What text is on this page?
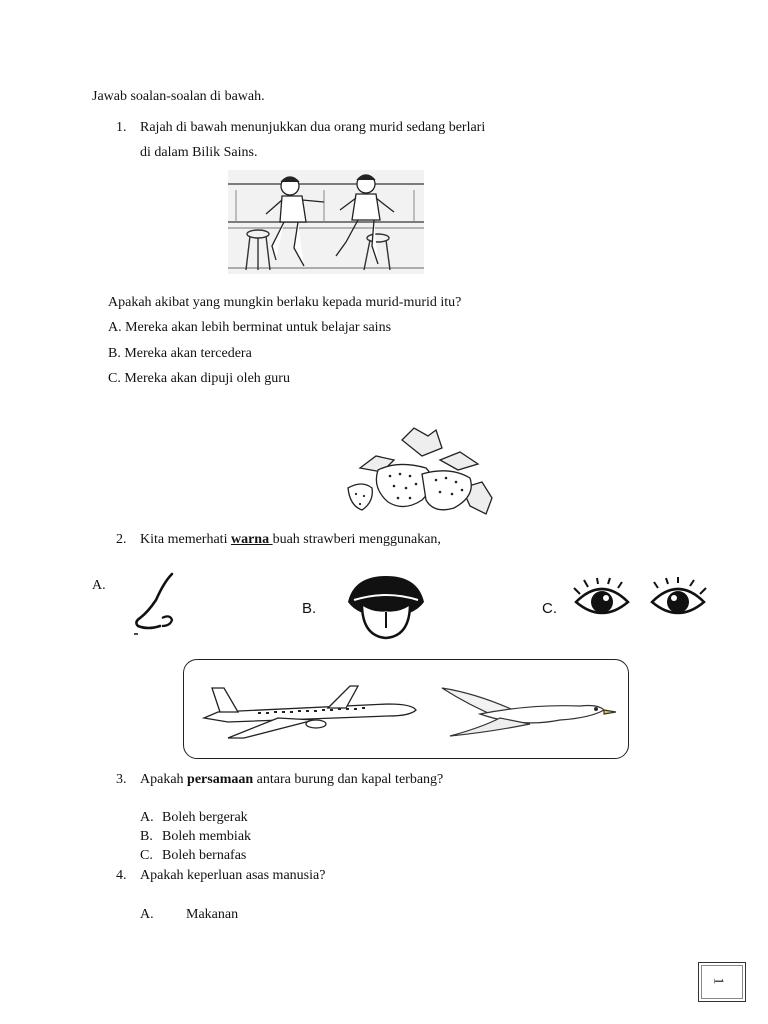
Jawab soalan-soalan di bawah.
1. Rajah di bawah menunjukkan dua orang murid sedang berlari
di dalam Bilik Sains.
Apakah akibat yang mungkin berlaku kepada murid-murid itu?
A. Mereka akan lebih berminat untuk belajar sains
B. Mereka akan tercedera
C. Mereka akan dipuji oleh guru
2. Kita memerhati warna buah strawberi menggunakan,
A.
B.	C.
3. Apakah persamaan antara burung dan kapal terbang?
A. Boleh bergerak
B. Boleh membiak
C. Boleh bernafas
4. Apakah keperluan asas manusia?
A. Makanan
1
